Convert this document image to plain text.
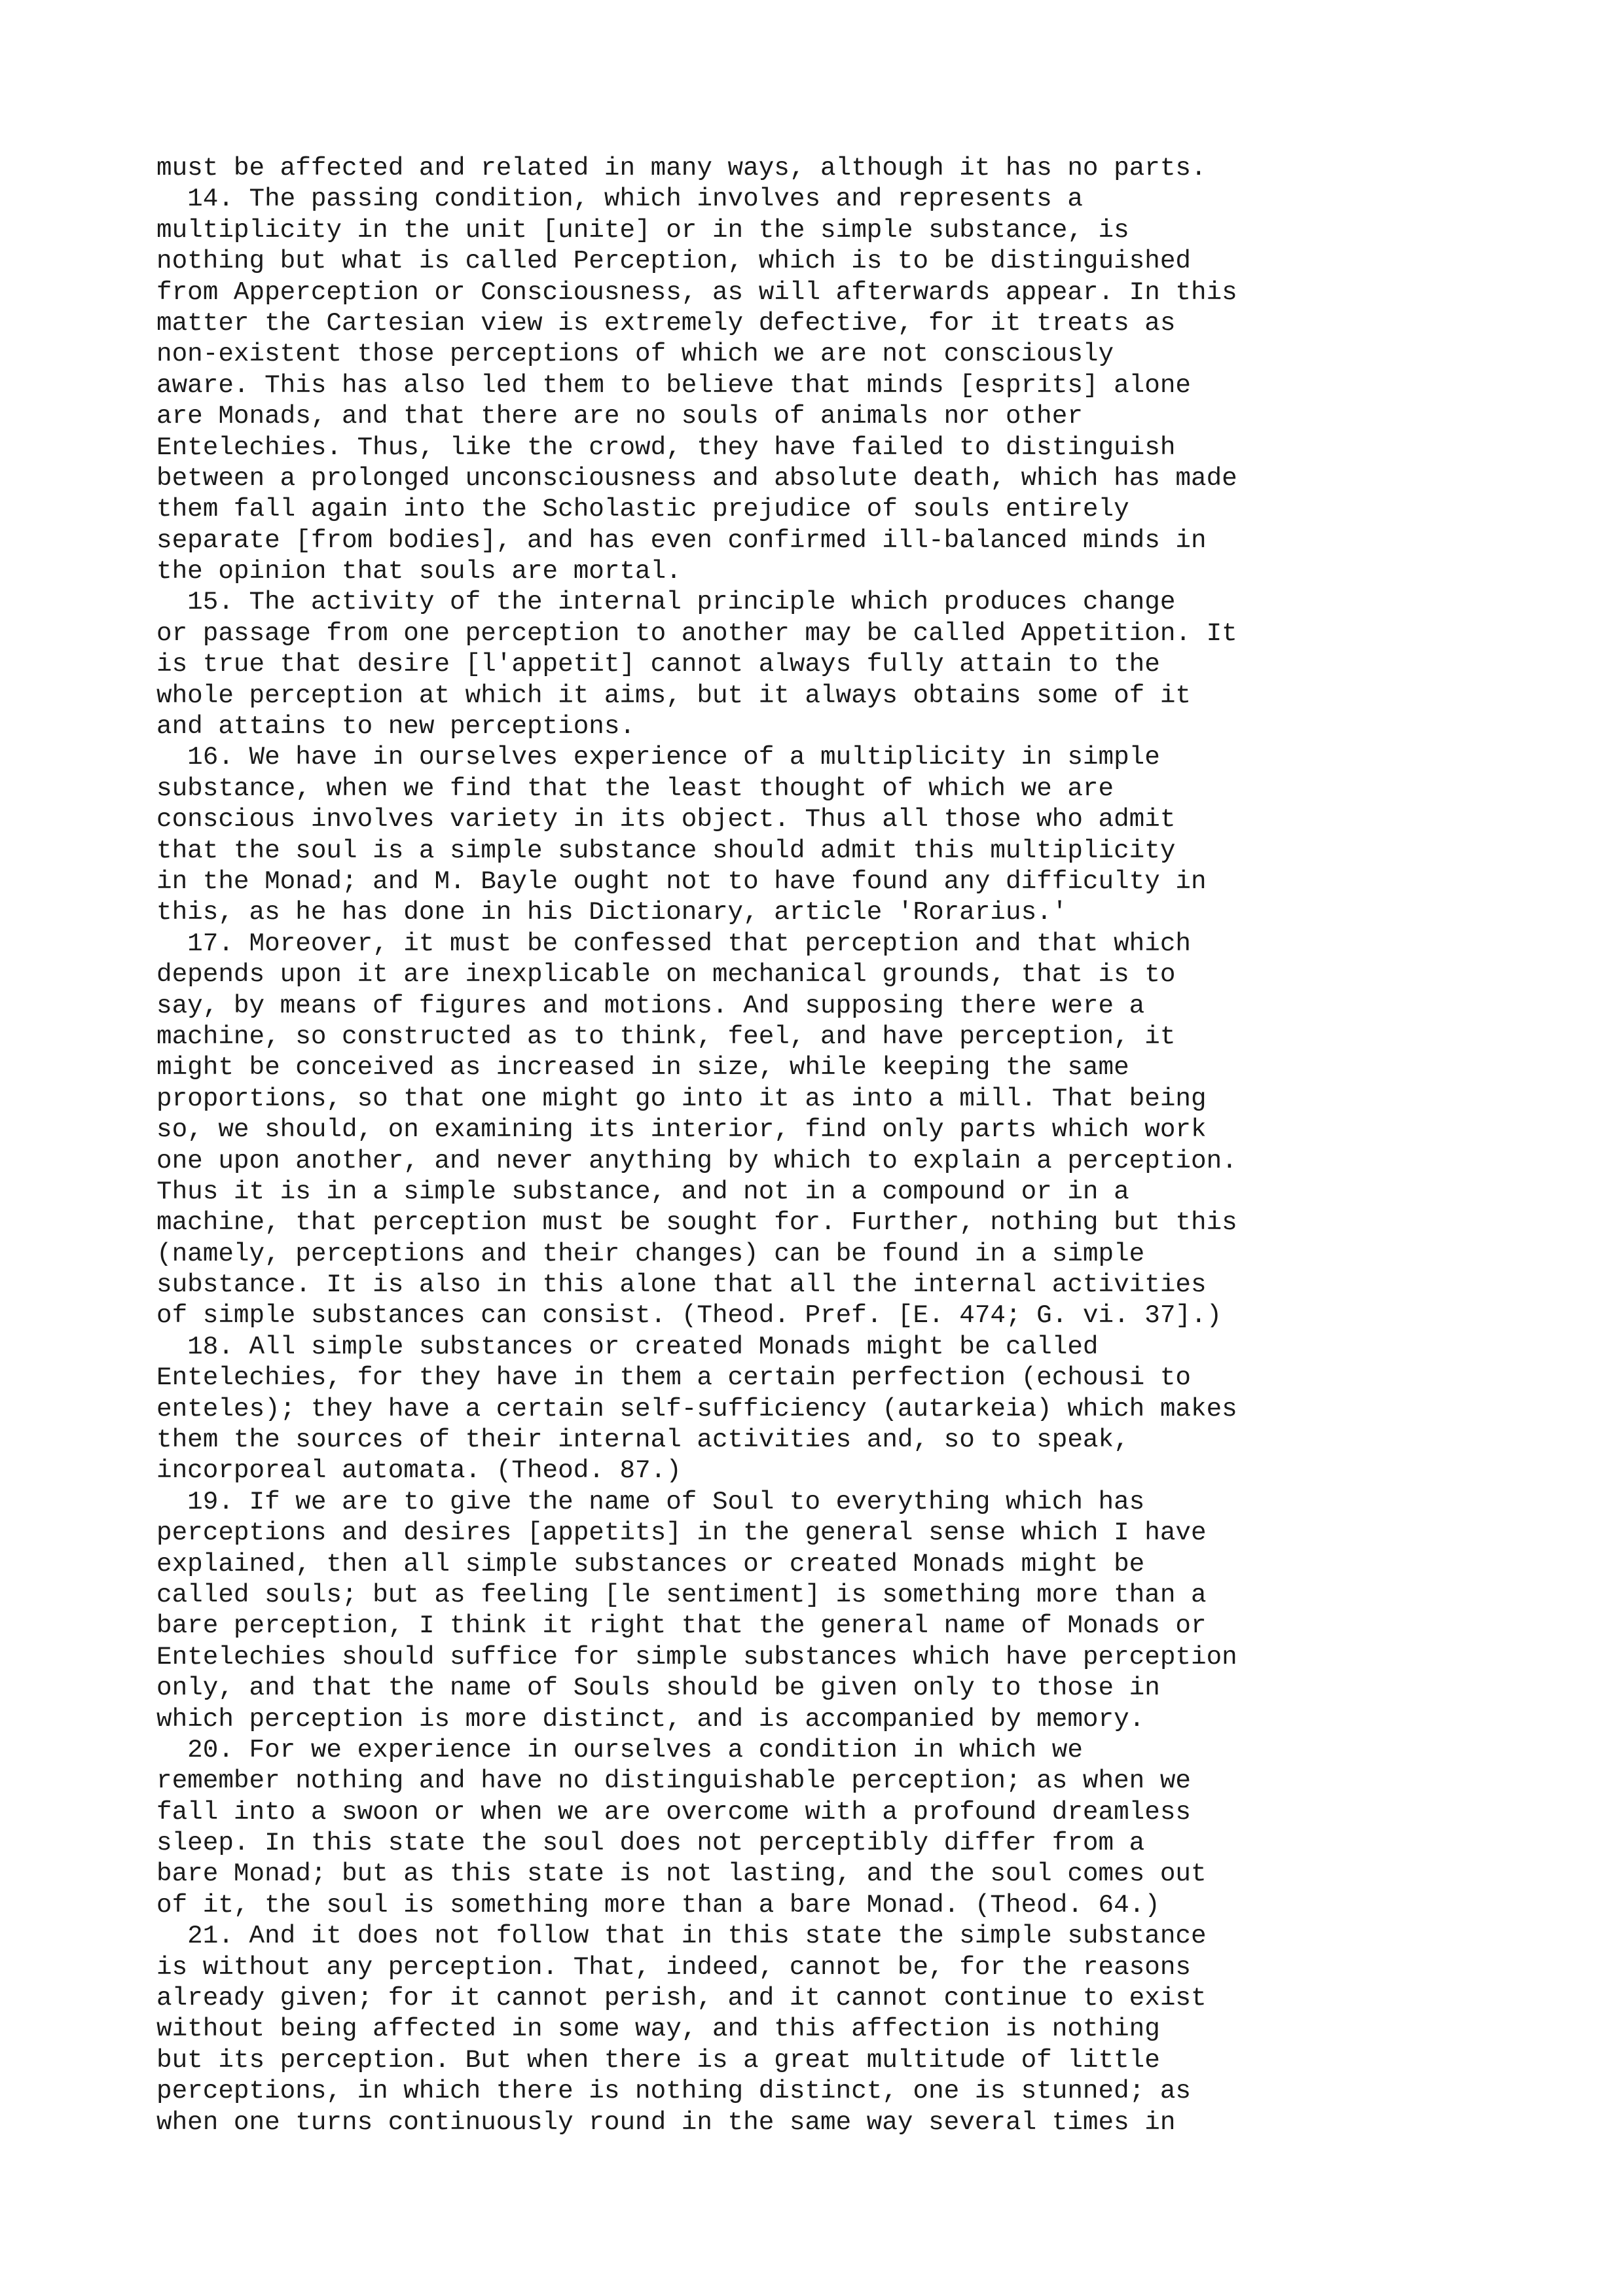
must be affected and related in many ways, although it has no parts.
14. The passing condition, which involves and represents a
multiplicity in the unit [unite] or in the simple substance, is
nothing but what is called Perception, which is to be distinguished
from Apperception or Consciousness, as will afterwards appear. In this
matter the Cartesian view is extremely defective, for it treats as
non-existent those perceptions of which we are not consciously
aware. This has also led them to believe that minds [esprits] alone
are Monads, and that there are no souls of animals nor other
Entelechies. Thus, like the crowd, they have failed to distinguish
between a prolonged unconsciousness and absolute death, which has made
them fall again into the Scholastic prejudice of souls entirely
separate [from bodies], and has even confirmed ill-balanced minds in
the opinion that souls are mortal.
15. The activity of the internal principle which produces change
or passage from one perception to another may be called Appetition. It
is true that desire [l'appetit] cannot always fully attain to the
whole perception at which it aims, but it always obtains some of it
and attains to new perceptions.
16. We have in ourselves experience of a multiplicity in simple
substance, when we find that the least thought of which we are
conscious involves variety in its object. Thus all those who admit
that the soul is a simple substance should admit this multiplicity
in the Monad; and M. Bayle ought not to have found any difficulty in
this, as he has done in his Dictionary, article 'Rorarius.'
17. Moreover, it must be confessed that perception and that which
depends upon it are inexplicable on mechanical grounds, that is to
say, by means of figures and motions. And supposing there were a
machine, so constructed as to think, feel, and have perception, it
might be conceived as increased in size, while keeping the same
proportions, so that one might go into it as into a mill. That being
so, we should, on examining its interior, find only parts which work
one upon another, and never anything by which to explain a perception.
Thus it is in a simple substance, and not in a compound or in a
machine, that perception must be sought for. Further, nothing but this
(namely, perceptions and their changes) can be found in a simple
substance. It is also in this alone that all the internal activities
of simple substances can consist. (Theod. Pref. [E. 474; G. vi. 37].)
18. All simple substances or created Monads might be called
Entelechies, for they have in them a certain perfection (echousi to
enteles); they have a certain self-sufficiency (autarkeia) which makes
them the sources of their internal activities and, so to speak,
incorporeal automata. (Theod. 87.)
19. If we are to give the name of Soul to everything which has
perceptions and desires [appetits] in the general sense which I have
explained, then all simple substances or created Monads might be
called souls; but as feeling [le sentiment] is something more than a
bare perception, I think it right that the general name of Monads or
Entelechies should suffice for simple substances which have perception
only, and that the name of Souls should be given only to those in
which perception is more distinct, and is accompanied by memory.
20. For we experience in ourselves a condition in which we
remember nothing and have no distinguishable perception; as when we
fall into a swoon or when we are overcome with a profound dreamless
sleep. In this state the soul does not perceptibly differ from a
bare Monad; but as this state is not lasting, and the soul comes out
of it, the soul is something more than a bare Monad. (Theod. 64.)
21. And it does not follow that in this state the simple substance
is without any perception. That, indeed, cannot be, for the reasons
already given; for it cannot perish, and it cannot continue to exist
without being affected in some way, and this affection is nothing
but its perception. But when there is a great multitude of little
perceptions, in which there is nothing distinct, one is stunned; as
when one turns continuously round in the same way several times in
